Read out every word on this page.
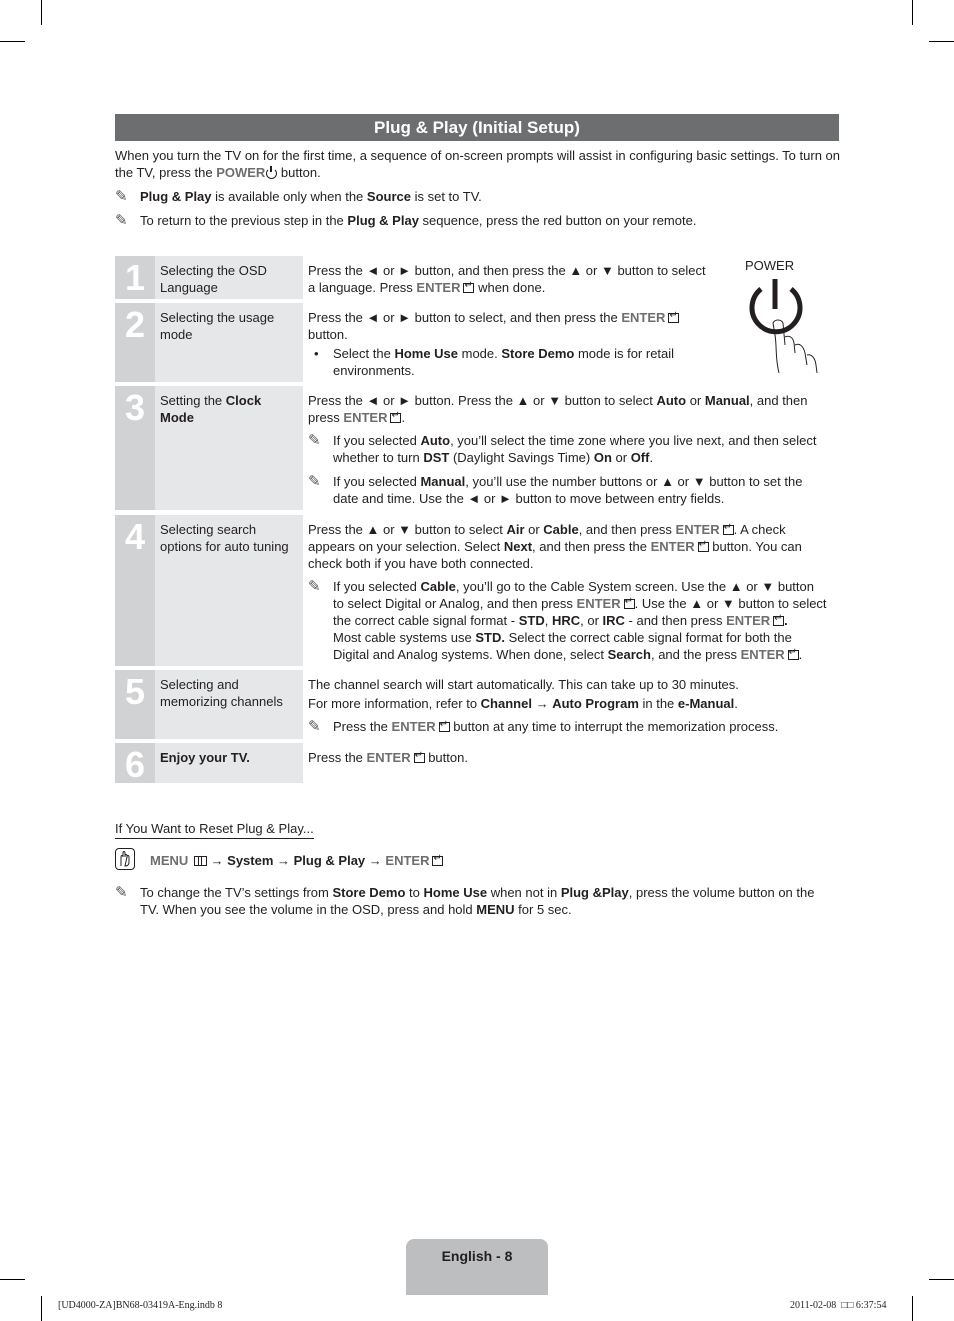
Plug & Play (Initial Setup)
When you turn the TV on for the first time, a sequence of on-screen prompts will assist in configuring basic settings. To turn on the TV, press the POWER button.
✎ Plug & Play is available only when the Source is set to TV.
✎ To return to the previous step in the Plug & Play sequence, press the red button on your remote.
POWER
1	Selecting the OSD Language
Press the ◄ or ► button, and then press the ▲ or ▼ button to select
a language. Press ENTER↵ when done.
2	Selecting the usage mode
Press the ◄ or ► button to select, and then press the ENTER↵
button.
• Select the Home Use mode. Store Demo mode is for retail
environments.
3	Setting the Clock
Mode
Press the ◄ or ► button. Press the ▲ or ▼ button to select Auto or Manual, and then
press ENTER ↵ .
✎ If you selected Auto, you’ll select the time zone where you live next, and then select
whether to turn DST (Daylight Savings Time) On or Off.
✎ If you selected Manual, you’ll use the number buttons or ▲ or ▼ button to set the
date and time. Use the ◄ or ► button to move between entry fields.
4	Selecting search options for auto tuning
Press the ▲ or ▼ button to select Air or Cable, and then press ENTER ↵ . A check
appears on your selection. Select Next, and then press the ENTER↵ button. You can
check both if you have both connected.
✎ If you selected Cable, you’ll go to the Cable System screen. Use the ▲ or ▼ button
to select Digital or Analog, and then press ENTER ↵ . Use the ▲ or ▼ button to select
the correct cable signal format - STD, HRC, or IRC - and then press ENTER ↵ .
Most cable systems use STD. Select the correct cable signal format for both the
Digital and Analog systems. When done, select Search, and the press ENTER ↵ .
5	Selecting and memorizing channels
The channel search will start automatically. This can take up to 30 minutes.
For more information, refer to Channel → Auto Program in the e-Manual.
✎ Press the ENTER↵ button at any time to interrupt the memorization process.
6	Enjoy your TV.	Press the ENTER↵ button.
If You Want to Reset Plug & Play...
MENU  → System → Plug & Play → ENTER↵
✎ To change the TV’s settings from Store Demo to Home Use when not in Plug &Play, press the volume button on the
TV. When you see the volume in the OSD, press and hold MENU for 5 sec.
English - 8
[UD4000-ZA]BN68-03419A-Eng.indb 8	2011-02-08 □□ 6:37:54
